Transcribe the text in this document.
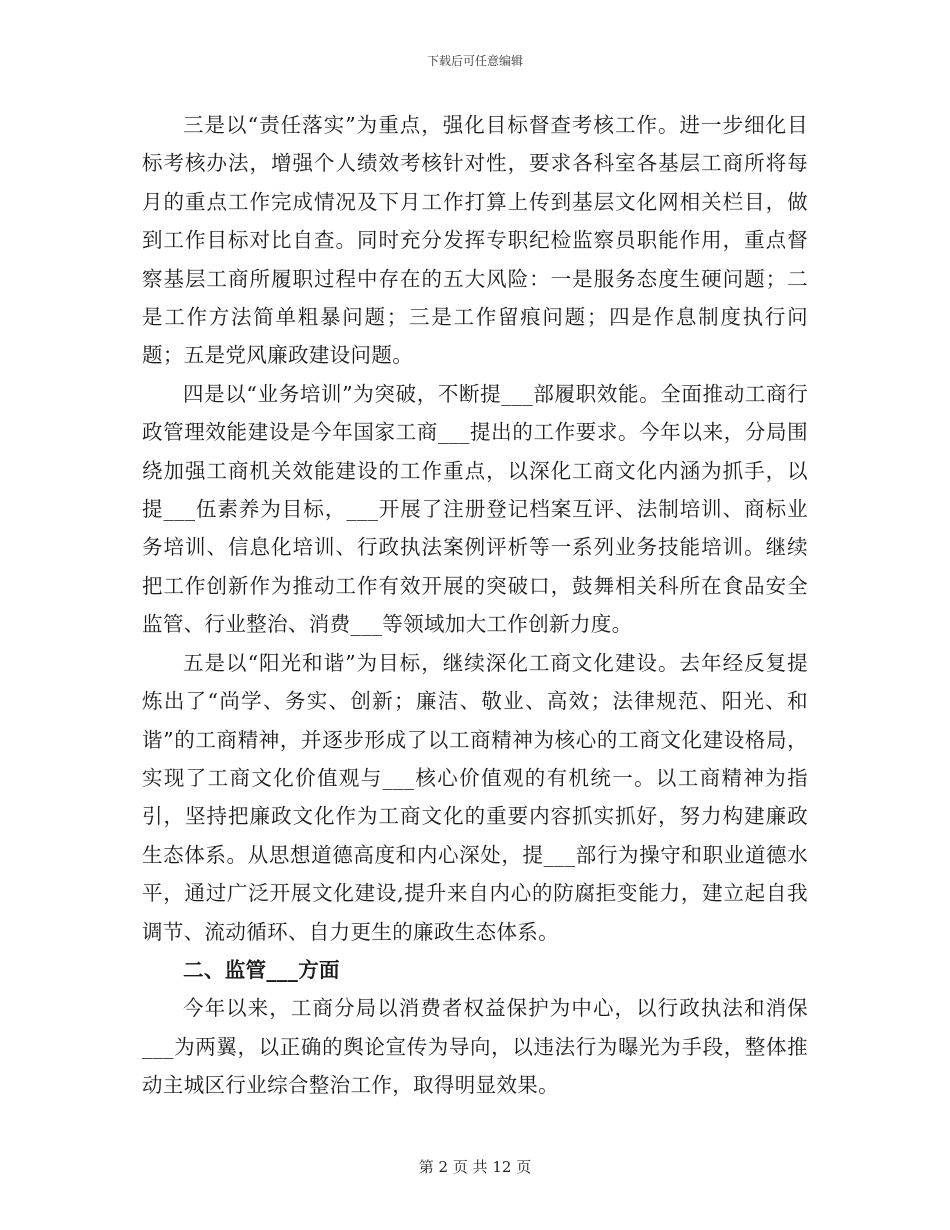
下载后可任意编辑

三是以“责任落实”为重点，强化目标督查考核工作。进一步细化目标考核办法，增强个人绩效考核针对性，要求各科室各基层工商所将每月的重点工作完成情况及下月工作打算上传到基层文化网相关栏目，做到工作目标对比自查。同时充分发挥专职纪检监察员职能作用，重点督察基层工商所履职过程中存在的五大风险：一是服务态度生硬问题；二是工作方法简单粗暴问题；三是工作留痕问题；四是作息制度执行问题；五是党风廉政建设问题。

四是以“业务培训”为突破，不断提___部履职效能。全面推动工商行政管理效能建设是今年国家工商___提出的工作要求。今年以来，分局围绕加强工商机关效能建设的工作重点，以深化工商文化内涵为抓手，以提___伍素养为目标，___开展了注册登记档案互评、法制培训、商标业务培训、信息化培训、行政执法案例评析等一系列业务技能培训。继续把工作创新作为推动工作有效开展的突破口，鼓舞相关科所在食品安全监管、行业整治、消费___等领域加大工作创新力度。

五是以“阳光和谐”为目标，继续深化工商文化建设。去年经反复提炼出了“尚学、务实、创新；廉洁、敬业、高效；法律规范、阳光、和谐”的工商精神，并逐步形成了以工商精神为核心的工商文化建设格局，实现了工商文化价值观与___核心价值观的有机统一。以工商精神为指引，坚持把廉政文化作为工商文化的重要内容抓实抓好，努力构建廉政生态体系。从思想道德高度和内心深处，提___部行为操守和职业道德水平，通过广泛开展文化建设,提升来自内心的防腐拒变能力，建立起自我调节、流动循环、自力更生的廉政生态体系。

二、监管___方面

今年以来，工商分局以消费者权益保护为中心，以行政执法和消保___为两翼，以正确的舆论宣传为导向，以违法行为曝光为手段，整体推动主城区行业综合整治工作，取得明显效果。

第 2 页 共 12 页
